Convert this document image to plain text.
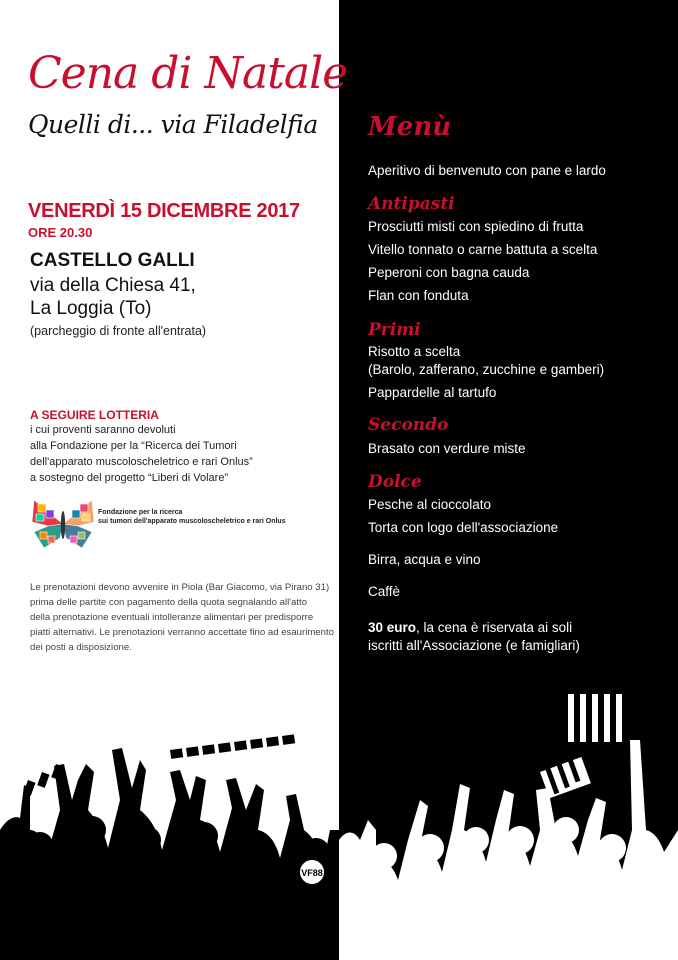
Cena di Natale
Quelli di... via Filadelfia
VENERDÌ 15 DICEMBRE 2017
ORE 20.30
CASTELLO GALLI
via della Chiesa 41,
La Loggia (To)
(parcheggio di fronte all'entrata)
A SEGUIRE LOTTERIA
i cui proventi saranno devoluti
alla Fondazione per la “Ricerca dei Tumori
dell'apparato muscoloscheletrico e rari Onlus”
a sostegno del progetto “Liberi di Volare”
Fondazione per la ricerca
sui tumori dell'apparato muscoloscheletrico e rari Onlus
Le prenotazioni devono avvenire in Piola (Bar Giacomo, via Pirano 31)
prima delle partite con pagamento della quota segnalando all'atto
della prenotazione eventuali intolleranze alimentari per predisporre
piatti alternativi. Le prenotazioni verranno accettate fino ad esaurimento
dei posti a disposizione.
Menù
Aperitivo di benvenuto con pane e lardo
Antipasti
Prosciutti misti con spiedino di frutta
Vitello tonnato o carne battuta a scelta
Peperoni con bagna cauda
Flan con fonduta
Primi
Risotto a scelta
(Barolo, zafferano, zucchine e gamberi)
Pappardelle al tartufo
Secondo
Brasato con verdure miste
Dolce
Pesche al cioccolato
Torta con logo dell'associazione
Birra, acqua e vino
Caffè
30 euro, la cena è riservata ai soli
iscritti all'Associazione (e famigliari)
VF88
